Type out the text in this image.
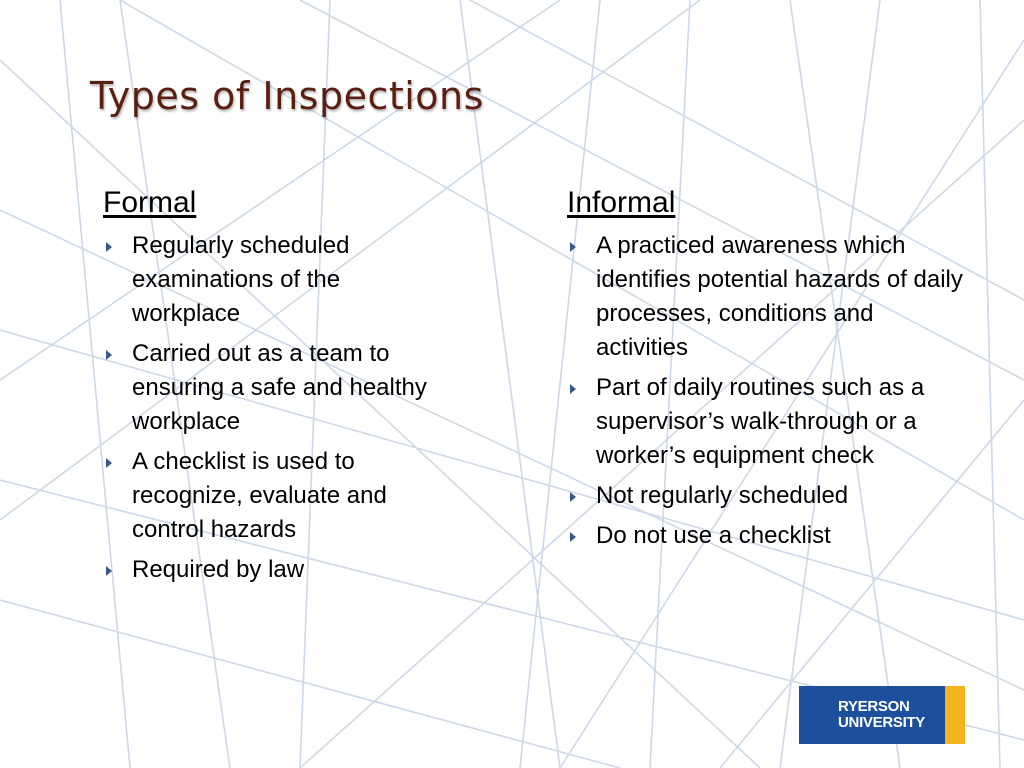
Types of Inspections
Formal
Regularly scheduled examinations of the workplace
Carried out as a team to ensuring a safe and healthy workplace
A checklist is used to recognize, evaluate and control hazards
Required by law
Informal
A practiced awareness which identifies potential hazards of daily processes, conditions and activities
Part of daily routines such as a supervisor’s walk-through or a worker’s equipment check
Not regularly scheduled
Do not use a checklist
RYERSON
UNIVERSITY
